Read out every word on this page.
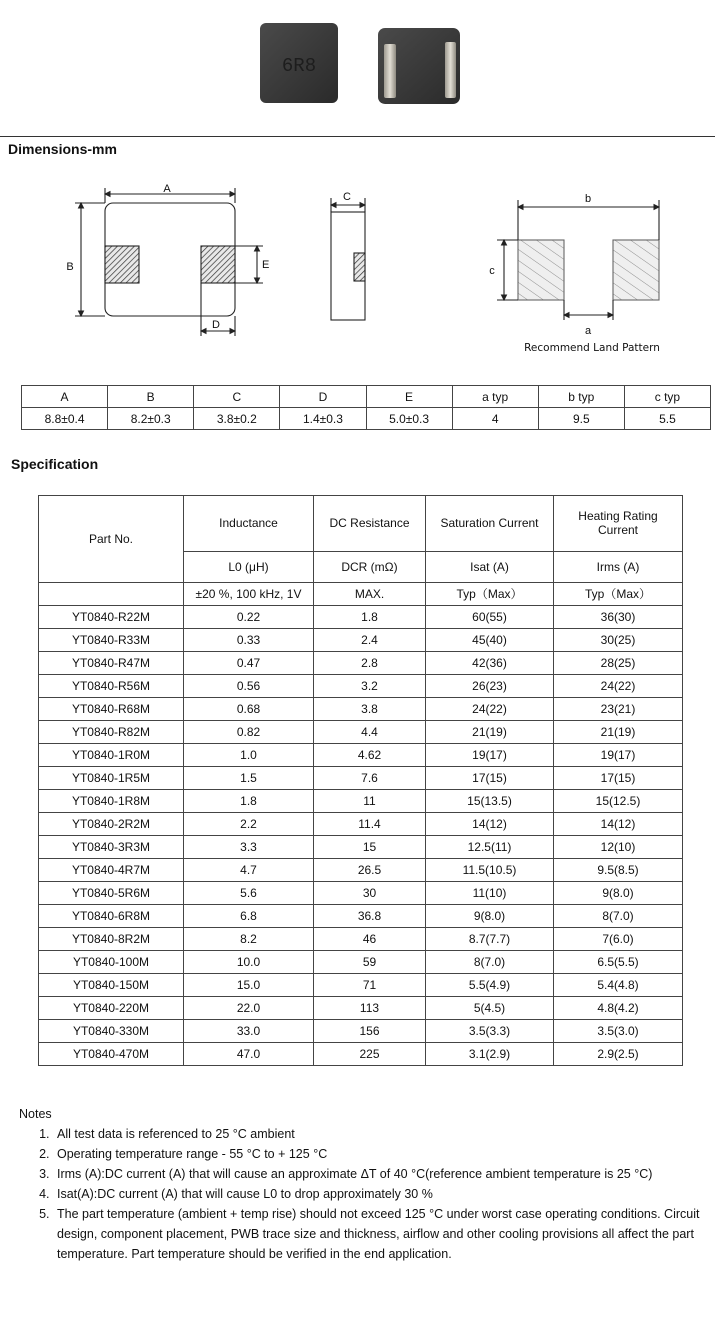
6R8
Dimensions-mm
A
B	E
D
C	b
c
a
Recommend Land Pattern
A	B	C	D	E	a typ	b typ	c typ
8.8±0.4	8.2±0.3	3.8±0.2	1.4±0.3	5.0±0.3	4	9.5	5.5
Specification
Part No.	Inductance	DC Resistance	Saturation Current	Heating Rating Current
	L0 (μH)	DCR (mΩ)	Isat (A)	Irms (A)
	±20 %, 100 kHz, 1V	MAX.	Typ（Max）	Typ（Max）
YT0840-R22M	0.22	1.8	60(55)	36(30)
YT0840-R33M	0.33	2.4	45(40)	30(25)
YT0840-R47M	0.47	2.8	42(36)	28(25)
YT0840-R56M	0.56	3.2	26(23)	24(22)
YT0840-R68M	0.68	3.8	24(22)	23(21)
YT0840-R82M	0.82	4.4	21(19)	21(19)
YT0840-1R0M	1.0	4.62	19(17)	19(17)
YT0840-1R5M	1.5	7.6	17(15)	17(15)
YT0840-1R8M	1.8	11	15(13.5)	15(12.5)
YT0840-2R2M	2.2	11.4	14(12)	14(12)
YT0840-3R3M	3.3	15	12.5(11)	12(10)
YT0840-4R7M	4.7	26.5	11.5(10.5)	9.5(8.5)
YT0840-5R6M	5.6	30	11(10)	9(8.0)
YT0840-6R8M	6.8	36.8	9(8.0)	8(7.0)
YT0840-8R2M	8.2	46	8.7(7.7)	7(6.0)
YT0840-100M	10.0	59	8(7.0)	6.5(5.5)
YT0840-150M	15.0	71	5.5(4.9)	5.4(4.8)
YT0840-220M	22.0	113	5(4.5)	4.8(4.2)
YT0840-330M	33.0	156	3.5(3.3)	3.5(3.0)
YT0840-470M	47.0	225	3.1(2.9)	2.9(2.5)
Notes
1. All test data is referenced to 25 °C ambient
2. Operating temperature range - 55 °C to + 125 °C
3. Irms (A):DC current (A) that will cause an approximate ΔT of 40 °C(reference ambient temperature is 25 °C)
4. Isat(A):DC current (A) that will cause L0 to drop approximately 30 %
5. The part temperature (ambient + temp rise) should not exceed 125 °C under worst case operating conditions. Circuit design, component placement, PWB trace size and thickness, airflow and other cooling provisions all affect the part temperature. Part temperature should be verified in the end application.
